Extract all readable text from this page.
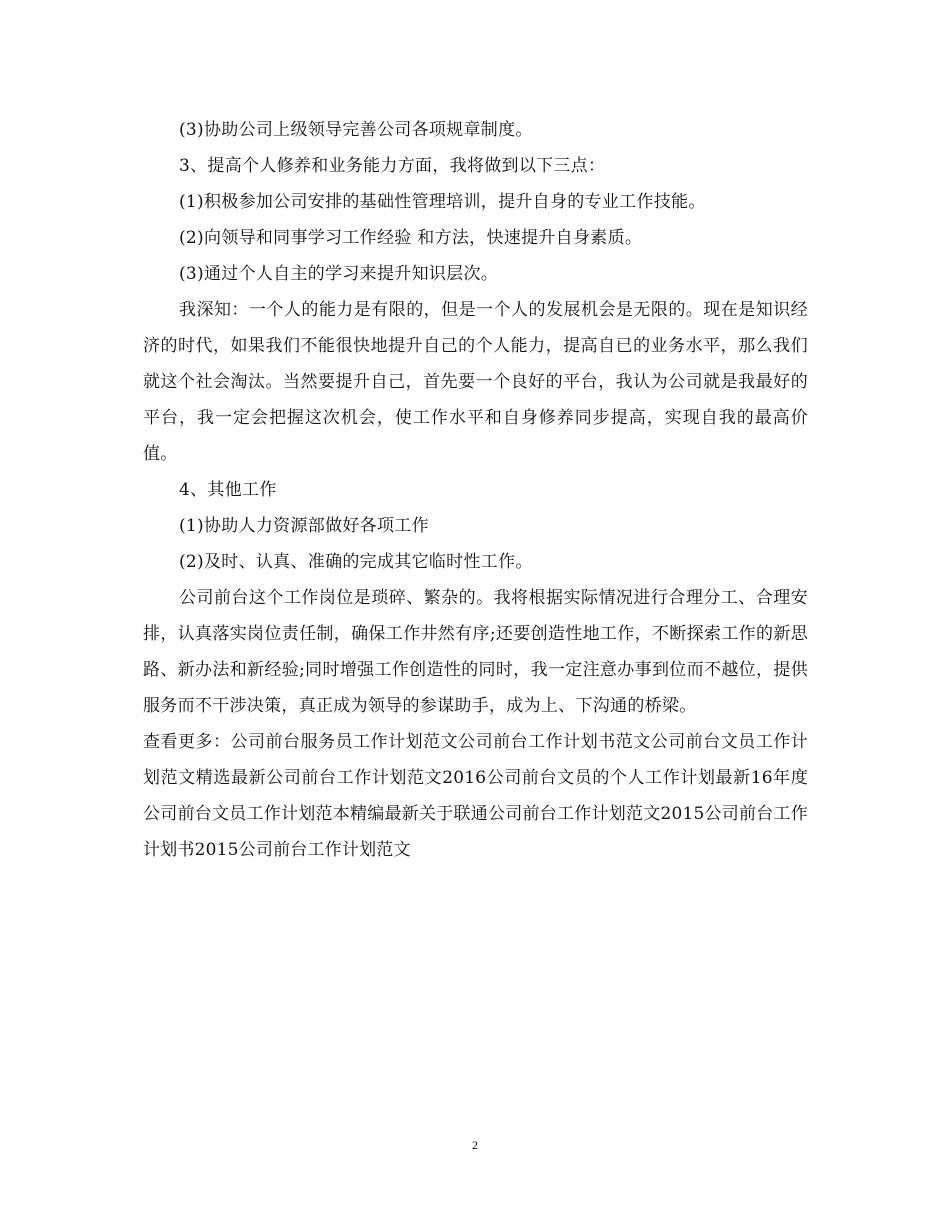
(3)协助公司上级领导完善公司各项规章制度。

3、提高个人修养和业务能力方面，我将做到以下三点：

(1)积极参加公司安排的基础性管理培训，提升自身的专业工作技能。

(2)向领导和同事学习工作经验 和方法，快速提升自身素质。

(3)通过个人自主的学习来提升知识层次。

我深知：一个人的能力是有限的，但是一个人的发展机会是无限的。现在是知识经济的时代，如果我们不能很快地提升自己的个人能力，提高自已的业务水平，那么我们就这个社会淘汰。当然要提升自己，首先要一个良好的平台，我认为公司就是我最好的平台，我一定会把握这次机会，使工作水平和自身修养同步提高，实现自我的最高价值。

4、其他工作

(1)协助人力资源部做好各项工作

(2)及时、认真、准确的完成其它临时性工作。

公司前台这个工作岗位是琐碎、繁杂的。我将根据实际情况进行合理分工、合理安排，认真落实岗位责任制，确保工作井然有序;还要创造性地工作，不断探索工作的新思路、新办法和新经验;同时增强工作创造性的同时，我一定注意办事到位而不越位，提供服务而不干涉决策，真正成为领导的参谋助手，成为上、下沟通的桥梁。

查看更多：公司前台服务员工作计划范文公司前台工作计划书范文公司前台文员工作计划范文精选最新公司前台工作计划范文2016公司前台文员的个人工作计划最新16年度公司前台文员工作计划范本精编最新关于联通公司前台工作计划范文2015公司前台工作计划书2015公司前台工作计划范文

2
